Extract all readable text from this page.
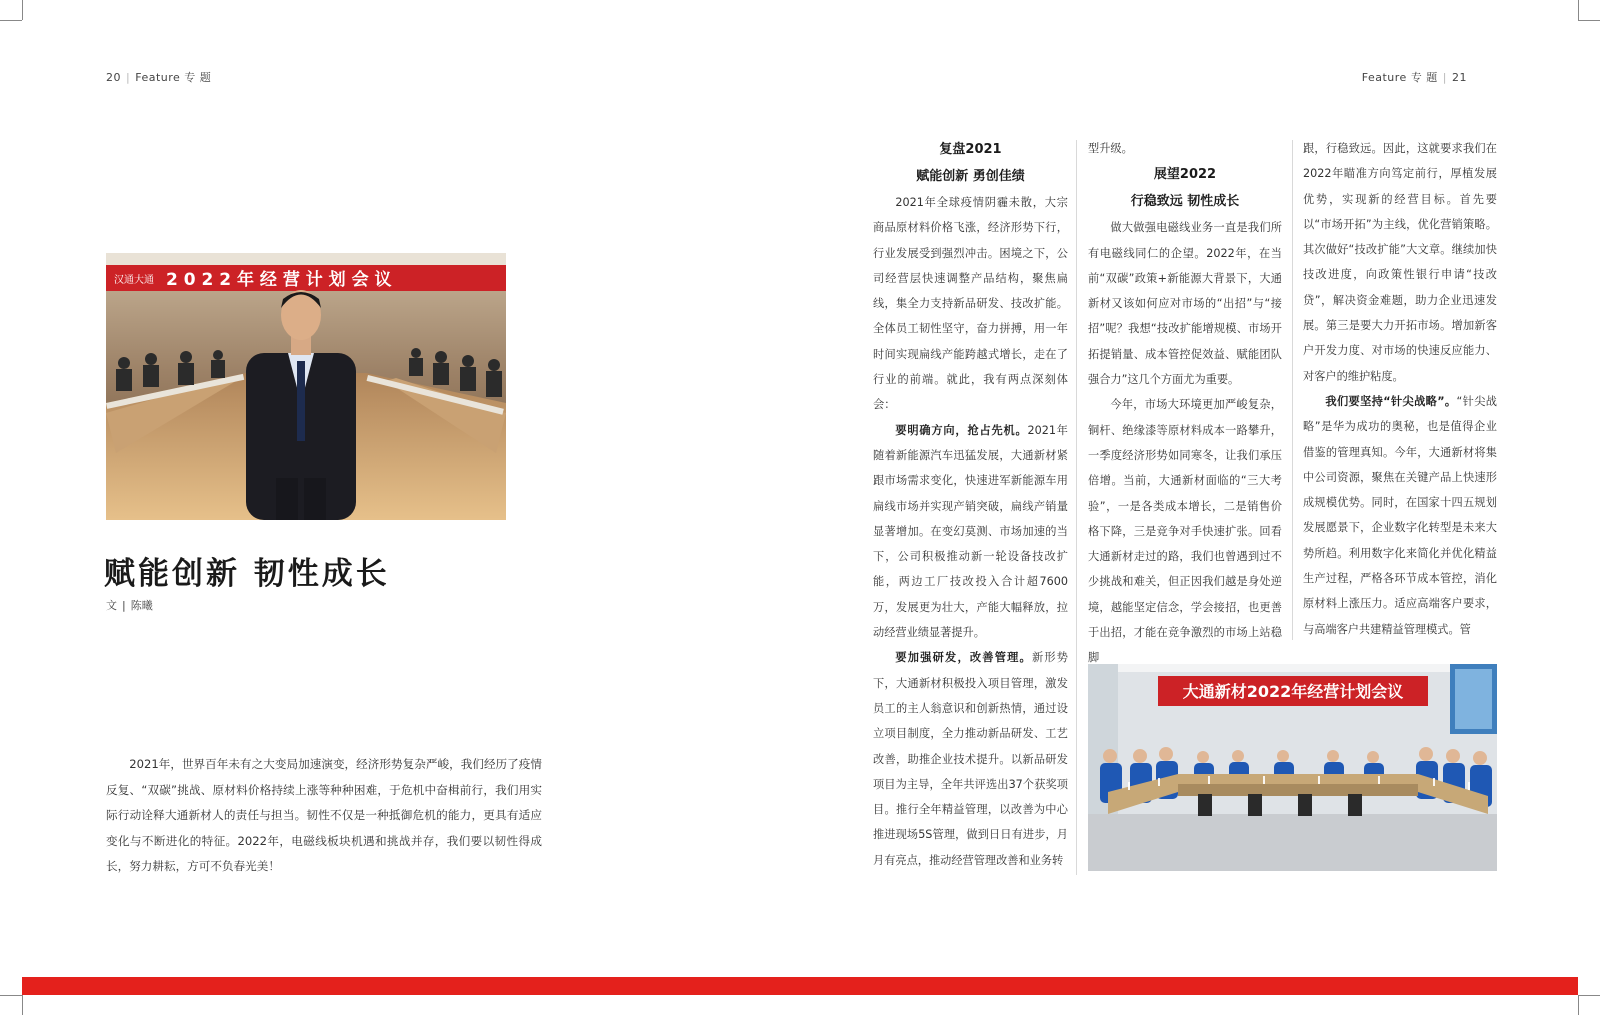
20 | Feature 专 题	Feature 专 题 | 21
汉通大通 2 0 2 2 年 经 营 计 划 会 议
赋能创新 韧性成长
文 | 陈曦

2021年，世界百年未有之大变局加速演变，经济形势复杂严峻，我们经历了疫情反复、“双碳”挑战、原材料价格持续上涨等种种困难，于危机中奋楫前行，我们用实际行动诠释大通新材人的责任与担当。韧性不仅是一种抵御危机的能力，更具有适应变化与不断进化的特征。2022年，电磁线板块机遇和挑战并存，我们要以韧性得成长，努力耕耘，方可不负春光美！

复盘2021

赋能创新 勇创佳绩

2021年全球疫情阴霾未散，大宗商品原材料价格飞涨，经济形势下行，行业发展受到强烈冲击。困境之下，公司经营层快速调整产品结构，聚焦扁线，集全力支持新品研发、技改扩能。全体员工韧性坚守，奋力拼搏，用一年时间实现扁线产能跨越式增长，走在了行业的前端。就此，我有两点深刻体会：

要明确方向，抢占先机。2021年随着新能源汽车迅猛发展，大通新材紧跟市场需求变化，快速进军新能源车用扁线市场并实现产销突破，扁线产销量显著增加。在变幻莫测、市场加速的当下，公司积极推动新一轮设备技改扩能，两边工厂技改投入合计超7600万，发展更为壮大，产能大幅释放，拉动经营业绩显著提升。

要加强研发，改善管理。新形势下，大通新材积极投入项目管理，激发员工的主人翁意识和创新热情，通过设立项目制度，全力推动新品研发、工艺改善，助推企业技术提升。以新品研发项目为主导，全年共评选出37个获奖项目。推行全年精益管理，以改善为中心推进现场5S管理，做到日日有进步，月月有亮点，推动经营管理改善和业务转

型升级。

展望2022

行稳致远 韧性成长

做大做强电磁线业务一直是我们所有电磁线同仁的企望。2022年，在当前“双碳”政策+新能源大背景下，大通新材又该如何应对市场的“出招”与“接招”呢？我想“技改扩能增规模、市场开拓提销量、成本管控促效益、赋能团队强合力”这几个方面尤为重要。

今年，市场大环境更加严峻复杂，铜杆、绝缘漆等原材料成本一路攀升，一季度经济形势如同寒冬，让我们承压倍增。当前，大通新材面临的“三大考验”，一是各类成本增长，二是销售价格下降，三是竞争对手快速扩张。回看大通新材走过的路，我们也曾遇到过不少挑战和难关，但正因我们越是身处逆境，越能坚定信念，学会接招，也更善于出招，才能在竞争激烈的市场上站稳脚

跟，行稳致远。因此，这就要求我们在2022年瞄准方向笃定前行，厚植发展优势，实现新的经营目标。首先要以“市场开拓”为主线，优化营销策略。其次做好“技改扩能”大文章。继续加快技改进度，向政策性银行申请“技改贷”，解决资金难题，助力企业迅速发展。第三是要大力开拓市场。增加新客户开发力度、对市场的快速反应能力、对客户的维护粘度。

我们要坚持“针尖战略”。“针尖战略”是华为成功的奥秘，也是值得企业借鉴的管理真知。今年，大通新材将集中公司资源，聚焦在关键产品上快速形成规模优势。同时，在国家十四五规划发展愿景下，企业数字化转型是未来大势所趋。利用数字化来简化并优化精益生产过程，严格各环节成本管控，消化原材料上涨压力。适应高端客户要求，与高端客户共建精益管理模式。管

大通新材2022年经营计划会议
